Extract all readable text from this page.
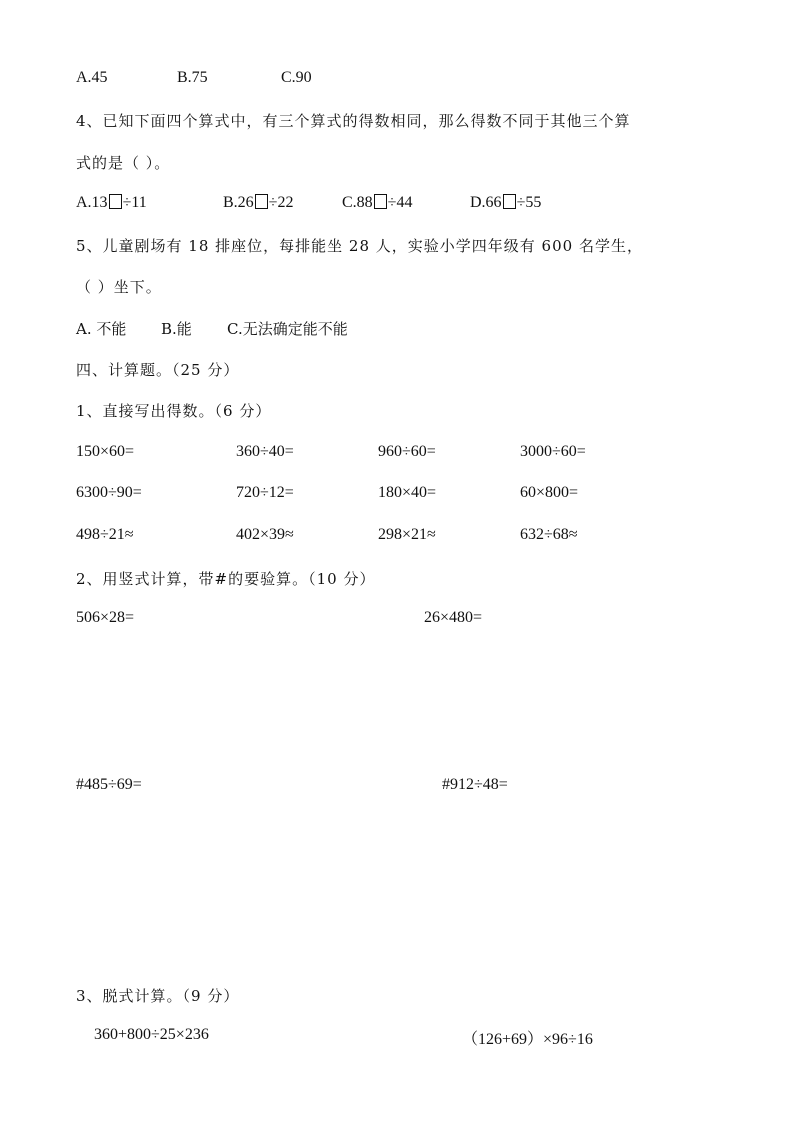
A.45	B.75	C.90
4、已知下面四个算式中，有三个算式的得数相同，那么得数不同于其他三个算
式的是（ ）。
A.13 ÷11	B.26 ÷22	C.88 ÷44	D.66 ÷55
5、儿童剧场有 18 排座位，每排能坐 28 人，实验小学四年级有 600 名学生，
（ ）坐下。
A. 不能 B.能 C.无法确定能不能
四、计算题。（25 分）
1、直接写出得数。（6 分）
150×60=	360÷40=	960÷60=	3000÷60=
6300÷90=	720÷12=	180×40=	60×800=
498÷21≈	402×39≈	298×21≈	632÷68≈
2、用竖式计算，带#的要验算。（10 分）
506×28=	26×480=
#485÷69=	#912÷48=
3、脱式计算。（9 分）
360+800÷25×236	（126+69）×96÷16
